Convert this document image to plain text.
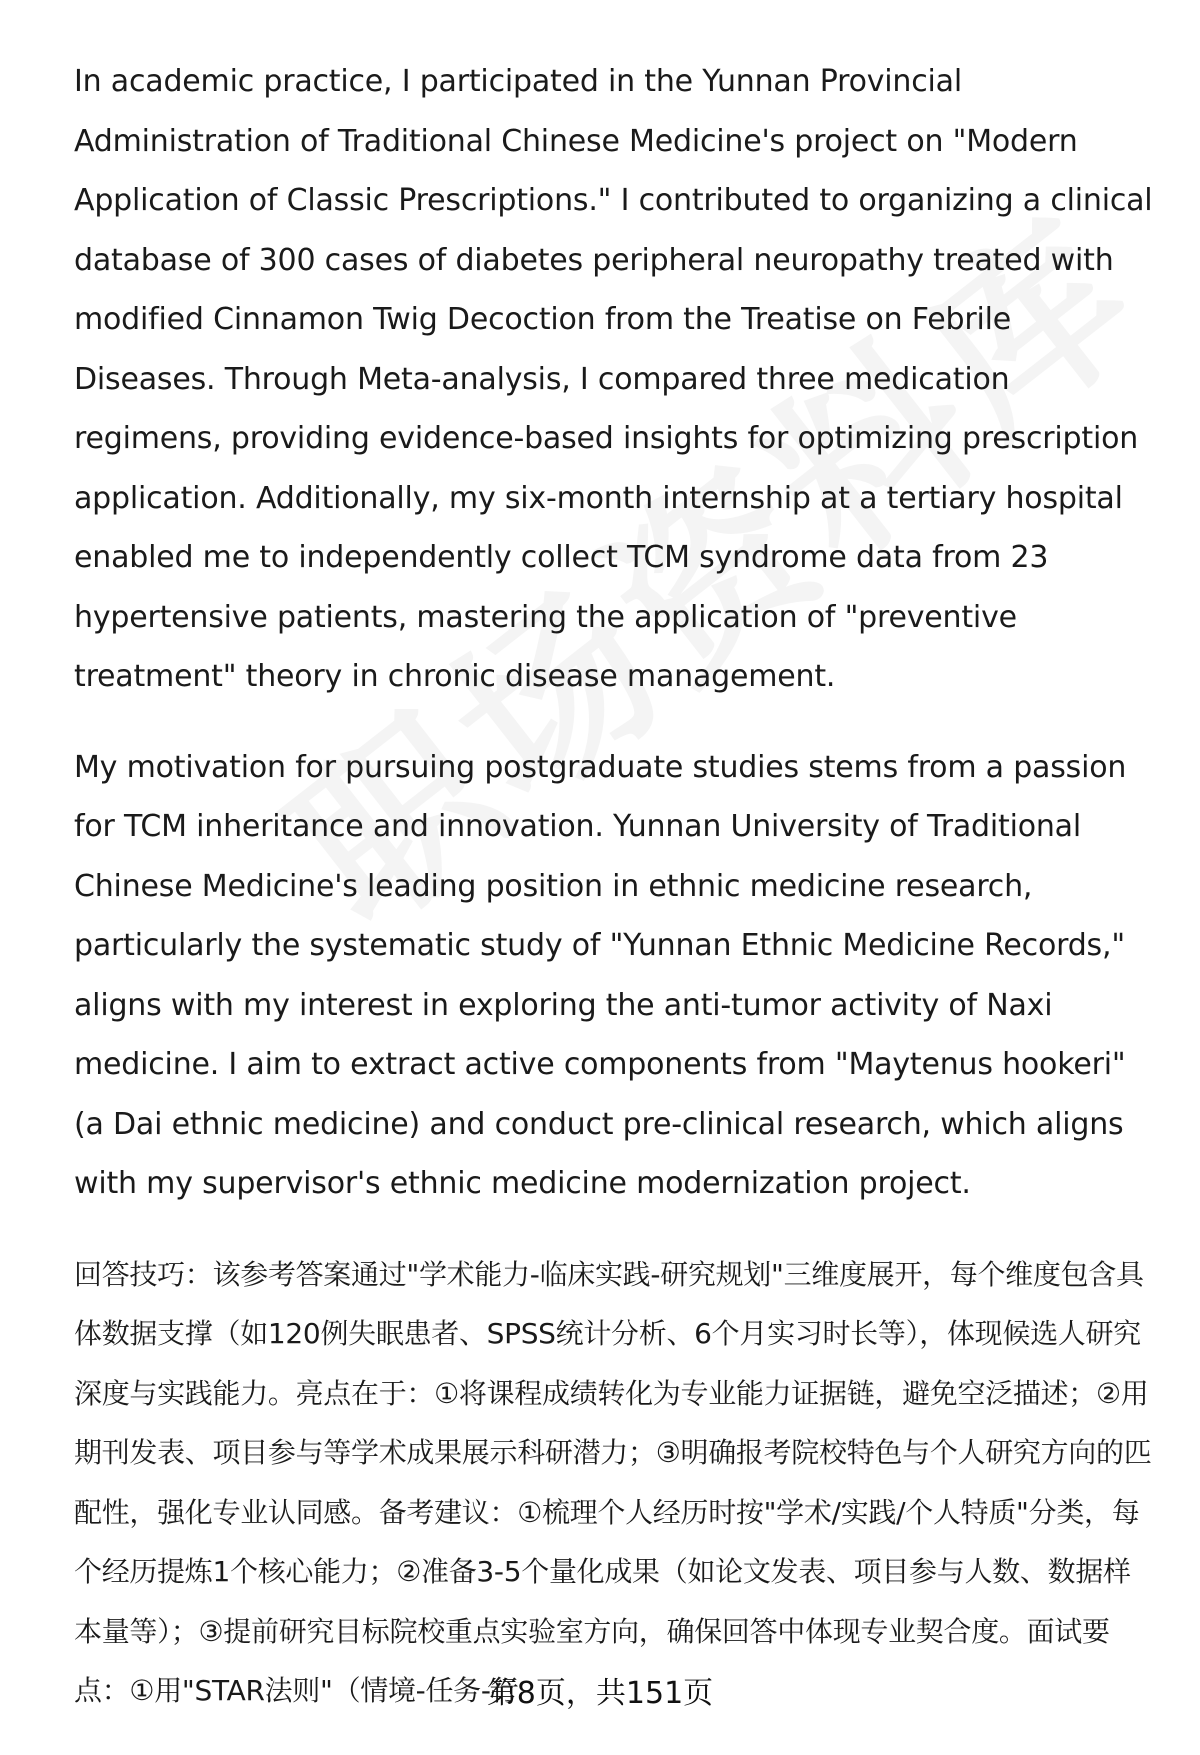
In academic practice, I participated in the Yunnan Provincial Administration of Traditional Chinese Medicine's project on "Modern Application of Classic Prescriptions." I contributed to organizing a clinical database of 300 cases of diabetes peripheral neuropathy treated with modified Cinnamon Twig Decoction from the Treatise on Febrile Diseases. Through Meta-analysis, I compared three medication regimens, providing evidence-based insights for optimizing prescription application. Additionally, my six-month internship at a tertiary hospital enabled me to independently collect TCM syndrome data from 23 hypertensive patients, mastering the application of "preventive treatment" theory in chronic disease management.

My motivation for pursuing postgraduate studies stems from a passion for TCM inheritance and innovation. Yunnan University of Traditional Chinese Medicine's leading position in ethnic medicine research, particularly the systematic study of "Yunnan Ethnic Medicine Records," aligns with my interest in exploring the anti-tumor activity of Naxi medicine. I aim to extract active components from "Maytenus hookeri" (a Dai ethnic medicine) and conduct pre-clinical research, which aligns with my supervisor's ethnic medicine modernization project.

回答技巧：该参考答案通过"学术能力-临床实践-研究规划"三维度展开，每个维度包含具体数据支撑（如120例失眠患者、SPSS统计分析、6个月实习时长等），体现候选人研究深度与实践能力。亮点在于：①将课程成绩转化为专业能力证据链，避免空泛描述；②用期刊发表、项目参与等学术成果展示科研潜力；③明确报考院校特色与个人研究方向的匹配性，强化专业认同感。备考建议：①梳理个人经历时按"学术/实践/个人特质"分类，每个经历提炼1个核心能力；②准备3-5个量化成果（如论文发表、项目参与人数、数据样本量等）；③提前研究目标院校重点实验室方向，确保回答中体现专业契合度。面试要点：①用"STAR法则"（情境-任务-行

第8页，共151页
